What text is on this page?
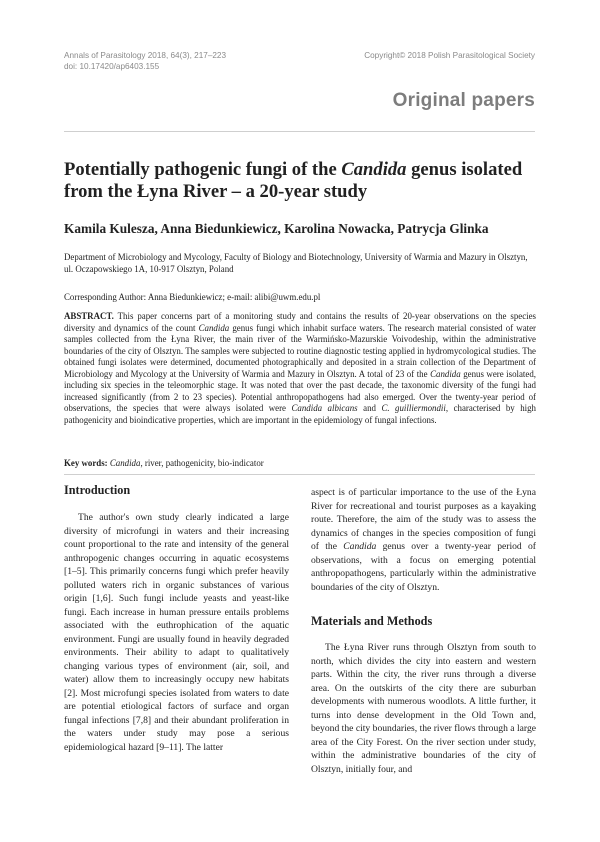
Annals of Parasitology 2018, 64(3), 217–223
doi: 10.17420/ap6403.155
Copyright© 2018 Polish Parasitological Society
Original papers
Potentially pathogenic fungi of the Candida genus isolated from the Łyna River – a 20-year study
Kamila Kulesza, Anna Biedunkiewicz, Karolina Nowacka, Patrycja Glinka
Department of Microbiology and Mycology, Faculty of Biology and Biotechnology, University of Warmia and Mazury in Olsztyn, ul. Oczapowskiego 1A, 10-917 Olsztyn, Poland
Corresponding Author: Anna Biedunkiewicz; e-mail: alibi@uwm.edu.pl
ABSTRACT. This paper concerns part of a monitoring study and contains the results of 20-year observations on the species diversity and dynamics of the count Candida genus fungi which inhabit surface waters. The research material consisted of water samples collected from the Łyna River, the main river of the Warmińsko-Mazurskie Voivodeship, within the administrative boundaries of the city of Olsztyn. The samples were subjected to routine diagnostic testing applied in hydromycological studies. The obtained fungi isolates were determined, documented photographically and deposited in a strain collection of the Department of Microbiology and Mycology at the University of Warmia and Mazury in Olsztyn. A total of 23 of the Candida genus were isolated, including six species in the teleomorphic stage. It was noted that over the past decade, the taxonomic diversity of the fungi had increased significantly (from 2 to 23 species). Potential anthropopathogens had also emerged. Over the twenty-year period of observations, the species that were always isolated were Candida albicans and C. guilliermondii, characterised by high pathogenicity and bioindicative properties, which are important in the epidemiology of fungal infections.
Key words: Candida, river, pathogenicity, bio-indicator
Introduction

The author's own study clearly indicated a large diversity of microfungi in waters and their increasing count proportional to the rate and intensity of the general anthropogenic changes occurring in aquatic ecosystems [1–5]. This primarily concerns fungi which prefer heavily polluted waters rich in organic substances of various origin [1,6]. Such fungi include yeasts and yeast-like fungi. Each increase in human pressure entails problems associated with the euthrophication of the aquatic environment. Fungi are usually found in heavily degraded environments. Their ability to adapt to qualitatively changing various types of environment (air, soil, and water) allow them to increasingly occupy new habitats [2]. Most microfungi species isolated from waters to date are potential etiological factors of surface and organ fungal infections [7,8] and their abundant proliferation in the waters under study may pose a serious epidemiological hazard [9–11]. The latter

aspect is of particular importance to the use of the Łyna River for recreational and tourist purposes as a kayaking route. Therefore, the aim of the study was to assess the dynamics of changes in the species composition of fungi of the Candida genus over a twenty-year period of observations, with a focus on emerging potential anthropopathogens, particularly within the administrative boundaries of the city of Olsztyn.
Materials and Methods

The Łyna River runs through Olsztyn from south to north, which divides the city into eastern and western parts. Within the city, the river runs through a diverse area. On the outskirts of the city there are suburban developments with numerous woodlots. A little further, it turns into dense development in the Old Town and, beyond the city boundaries, the river flows through a large area of the City Forest. On the river section under study, within the administrative boundaries of the city of Olsztyn, initially four, and
